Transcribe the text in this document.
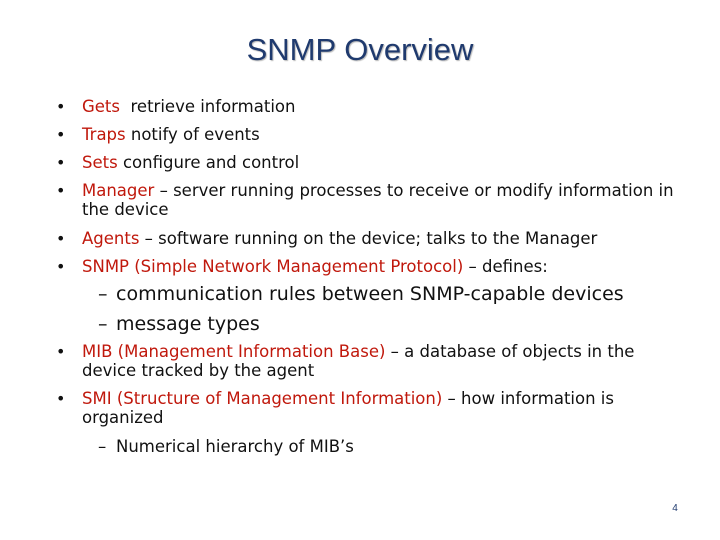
SNMP Overview
• Gets  retrieve information
• Traps notify of events
• Sets configure and control
• Manager – server running processes to receive or modify information in the device
• Agents – software running on the device; talks to the Manager
• SNMP (Simple Network Management Protocol) – defines:
– communication rules between SNMP-capable devices
– message types
• MIB (Management Information Base) – a database of objects in the device tracked by the agent
• SMI (Structure of Management Information) – how information is organized
– Numerical hierarchy of MIB’s
4
